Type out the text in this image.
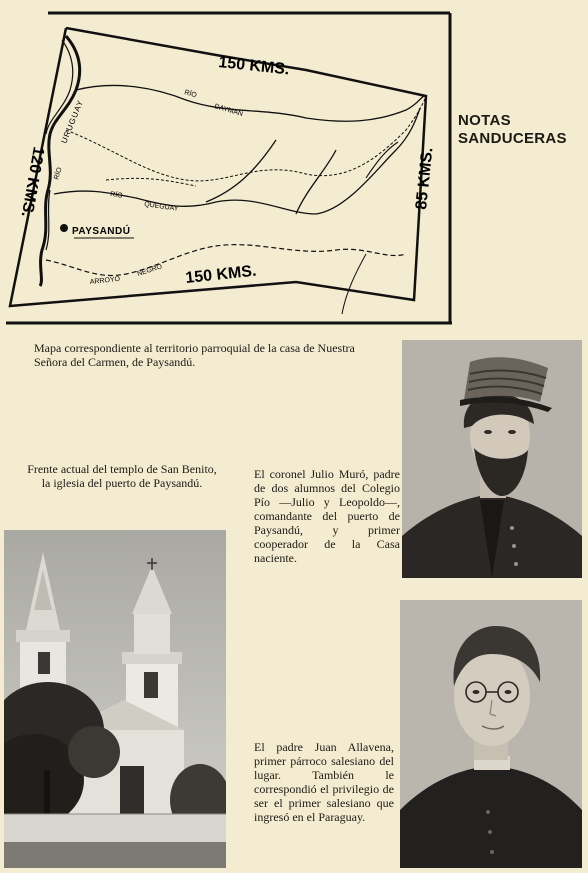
150 KMS.
150 KMS.
120 KMS.	85 KMS.
PAYSANDÚ
RÍO
URUGUAY
RÍO
DAYMAN
RÍO
QUEGUAY
ARROYO
NEGRO
NOTAS
SANDUCERAS
Mapa correspondiente al territorio parroquial de la casa de Nuestra Señora del Carmen, de Paysandú.
Frente actual del templo de San Benito, la iglesia del puerto de Paysandú.
El coronel Julio Muró, padre de dos alumnos del Colegio Pío —Julio y Leopoldo—, comandante del puerto de Paysandú, y primer cooperador de la Casa naciente.
El padre Juan Allavena, primer párroco salesiano del lugar. También le correspondió el privilegio de ser el primer salesiano que ingresó en el Paraguay.
